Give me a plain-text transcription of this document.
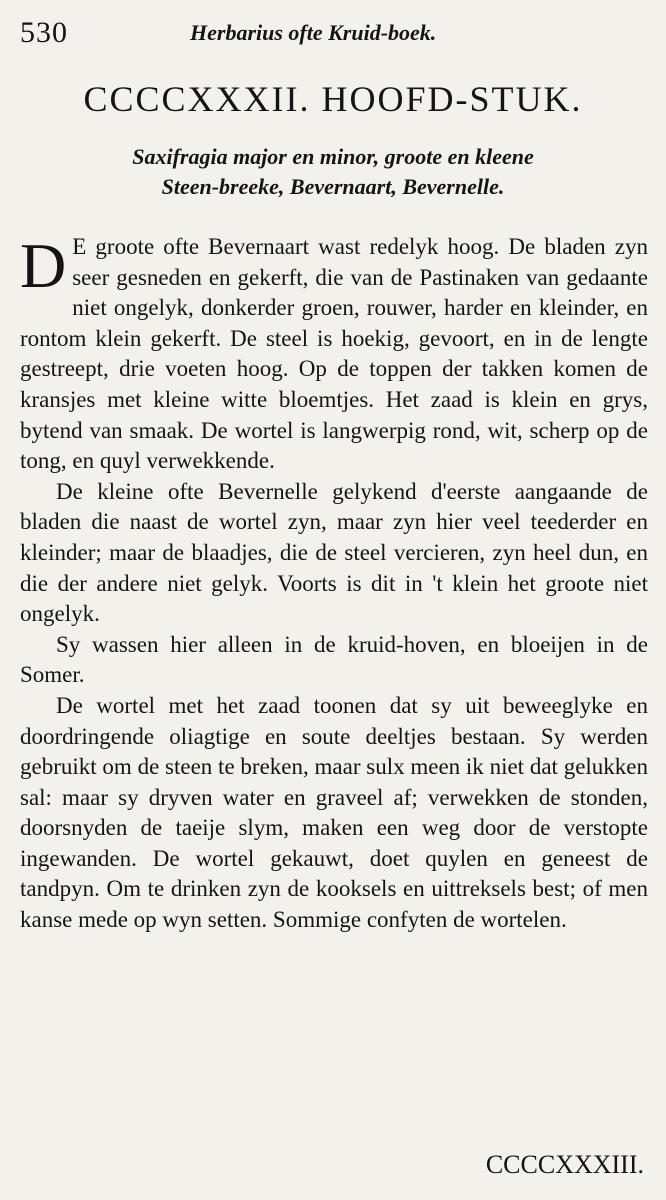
530	Herbarius ofte Kruid-boek.
CCCCXXXII. HOOFD-STUK.
Saxifragia major en minor, groote en kleene
Steen-breeke, Bevernaart, Bevernelle.

D E groote ofte Bevernaart wast redelyk hoog. De bladen zyn seer gesneden en gekerft, die van de Pastinaken van gedaante niet ongelyk, donkerder groen, rouwer, harder en kleinder, en rontom klein gekerft. De steel is hoekig, gevoort, en in de lengte gestreept, drie voeten hoog. Op de toppen der takken komen de kransjes met kleine witte bloemtjes. Het zaad is klein en grys, bytend van smaak. De wortel is langwerpig rond, wit, scherp op de tong, en quyl verwekkende.

De kleine ofte Bevernelle gelykend d'eerste aangaande de bladen die naast de wortel zyn, maar zyn hier veel teederder en kleinder; maar de blaadjes, die de steel vercieren, zyn heel dun, en die der andere niet gelyk. Voorts is dit in 't klein het groote niet ongelyk.

Sy wassen hier alleen in de kruid-hoven, en bloeijen in de Somer.

De wortel met het zaad toonen dat sy uit beweeglyke en doordringende oliagtige en soute deeltjes bestaan. Sy werden gebruikt om de steen te breken, maar sulx meen ik niet dat gelukken sal: maar sy dryven water en graveel af; verwekken de stonden, doorsnyden de taeije slym, maken een weg door de verstopte ingewanden. De wortel gekauwt, doet quylen en geneest de tandpyn. Om te drinken zyn de kooksels en uittreksels best; of men kanse mede op wyn setten. Sommige confyten de wortelen.

CCCCXXXIII.
